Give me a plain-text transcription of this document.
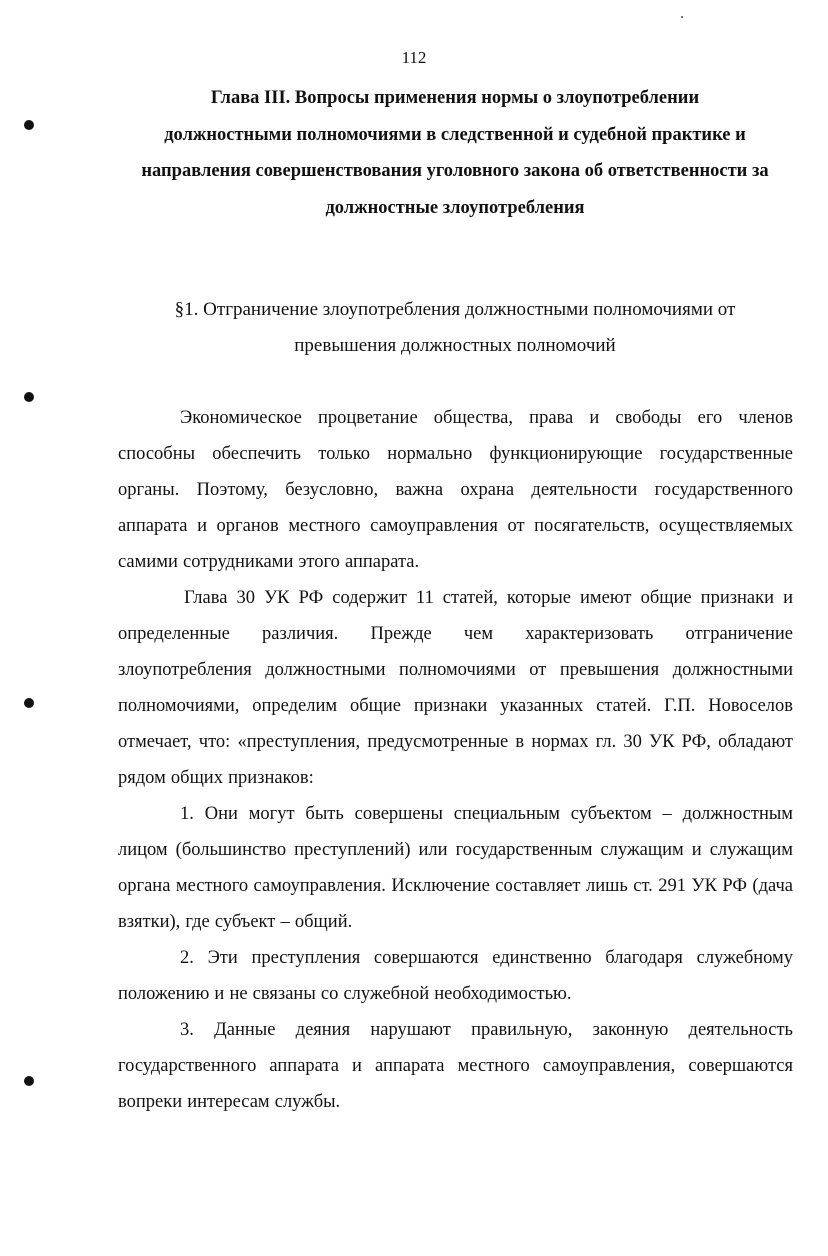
112
Глава III. Вопросы применения нормы о злоупотреблении
должностными полномочиями в следственной и судебной практике и
направления совершенствования уголовного закона об ответственности за
должностные злоупотребления
§1. Отграничение злоупотребления должностными полномочиями от
превышения должностных полномочий

Экономическое процветание общества, права и свободы его членов способны обеспечить только нормально функционирующие государственные органы. Поэтому, безусловно, важна охрана деятельности государственного аппарата и органов местного самоуправления от посягательств, осуществляемых самими сотрудниками этого аппарата.

Глава 30 УК РФ содержит 11 статей, которые имеют общие признаки и определенные различия. Прежде чем характеризовать отграничение злоупотребления должностными полномочиями от превышения должностными полномочиями, определим общие признаки указанных статей. Г.П. Новоселов отмечает, что: «преступления, предусмотренные в нормах гл. 30 УК РФ, обладают рядом общих признаков:

1. Они могут быть совершены специальным субъектом – должностным лицом (большинство преступлений) или государственным служащим и служащим органа местного самоуправления. Исключение составляет лишь ст. 291 УК РФ (дача взятки), где субъект – общий.

2. Эти преступления совершаются единственно благодаря служебному положению и не связаны со служебной необходимостью.

3. Данные деяния нарушают правильную, законную деятельность государственного аппарата и аппарата местного самоуправления, совершаются вопреки интересам службы.
